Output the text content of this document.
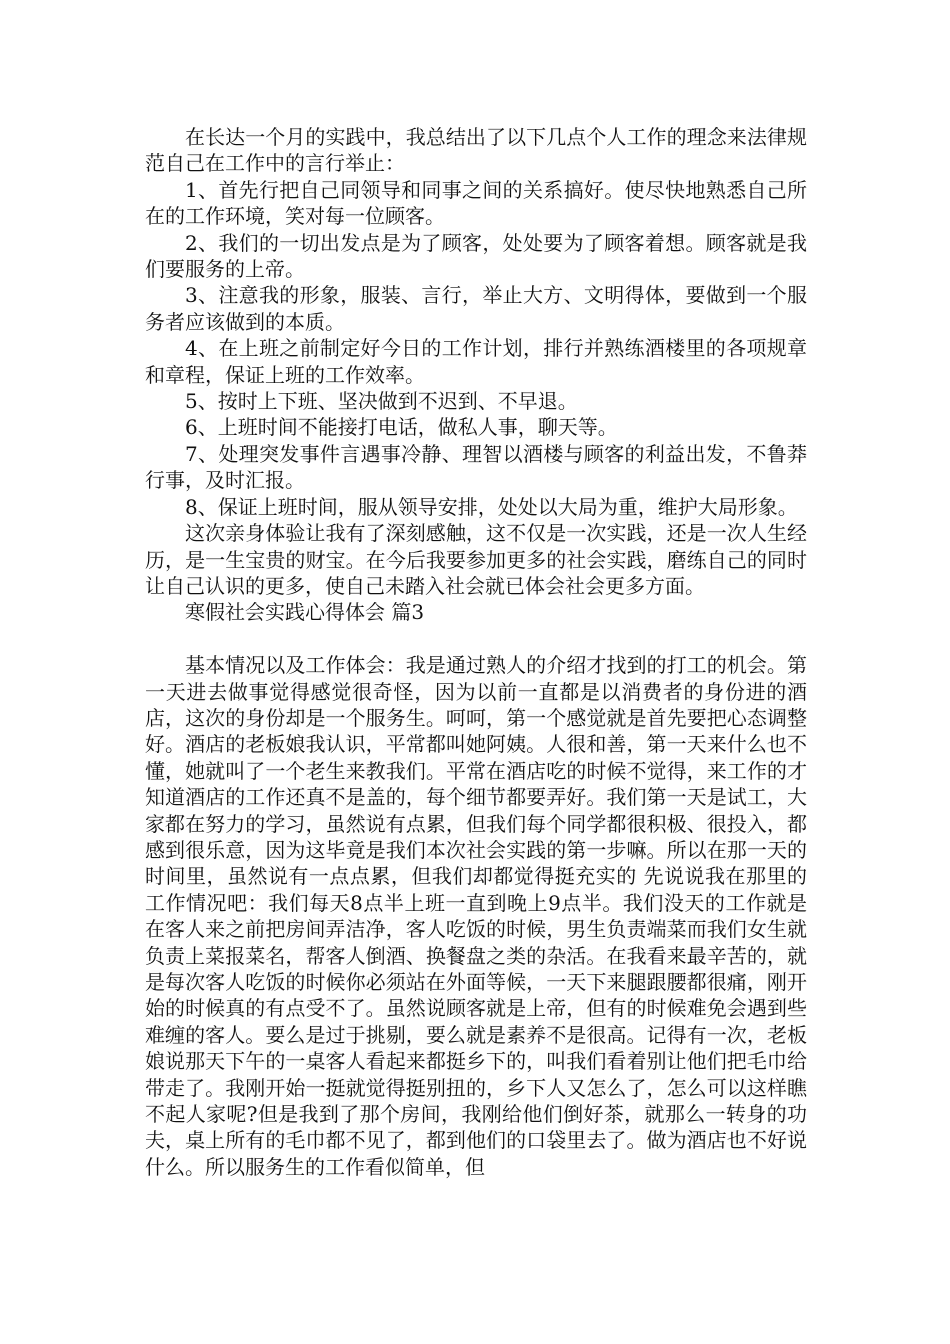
在长达一个月的实践中，我总结出了以下几点个人工作的理念来法律规范自己在工作中的言行举止：

1、首先行把自己同领导和同事之间的关系搞好。使尽快地熟悉自己所在的工作环境，笑对每一位顾客。

2、我们的一切出发点是为了顾客，处处要为了顾客着想。顾客就是我们要服务的上帝。

3、注意我的形象，服装、言行，举止大方、文明得体，要做到一个服务者应该做到的本质。

4、在上班之前制定好今日的工作计划，排行并熟练酒楼里的各项规章和章程，保证上班的工作效率。

5、按时上下班、坚决做到不迟到、不早退。

6、上班时间不能接打电话，做私人事，聊天等。

7、处理突发事件言遇事冷静、理智以酒楼与顾客的利益出发，不鲁莽行事，及时汇报。

8、保证上班时间，服从领导安排，处处以大局为重，维护大局形象。

这次亲身体验让我有了深刻感触，这不仅是一次实践，还是一次人生经历，是一生宝贵的财宝。在今后我要参加更多的社会实践，磨练自己的同时让自己认识的更多，使自己未踏入社会就已体会社会更多方面。

寒假社会实践心得体会 篇3

基本情况以及工作体会：我是通过熟人的介绍才找到的打工的机会。第一天进去做事觉得感觉很奇怪，因为以前一直都是以消费者的身份进的酒店，这次的身份却是一个服务生。呵呵，第一个感觉就是首先要把心态调整好。酒店的老板娘我认识，平常都叫她阿姨。人很和善，第一天来什么也不懂，她就叫了一个老生来教我们。平常在酒店吃的时候不觉得，来工作的才知道酒店的工作还真不是盖的，每个细节都要弄好。我们第一天是试工，大家都在努力的学习，虽然说有点累，但我们每个同学都很积极、很投入，都感到很乐意，因为这毕竟是我们本次社会实践的第一步嘛。所以在那一天的时间里，虽然说有一点点累，但我们却都觉得挺充实的 先说说我在那里的工作情况吧：我们每天8点半上班一直到晚上9点半。我们没天的工作就是在客人来之前把房间弄洁净，客人吃饭的时候，男生负责端菜而我们女生就负责上菜报菜名，帮客人倒酒、换餐盘之类的杂活。在我看来最辛苦的，就是每次客人吃饭的时候你必须站在外面等候，一天下来腿跟腰都很痛，刚开始的时候真的有点受不了。虽然说顾客就是上帝，但有的时候难免会遇到些难缠的客人。要么是过于挑剔，要么就是素养不是很高。记得有一次，老板娘说那天下午的一桌客人看起来都挺乡下的，叫我们看着别让他们把毛巾给带走了。我刚开始一挺就觉得挺别扭的，乡下人又怎么了，怎么可以这样瞧不起人家呢?但是我到了那个房间，我刚给他们倒好茶，就那么一转身的功夫，桌上所有的毛巾都不见了，都到他们的口袋里去了。做为酒店也不好说什么。所以服务生的工作看似简单，但
